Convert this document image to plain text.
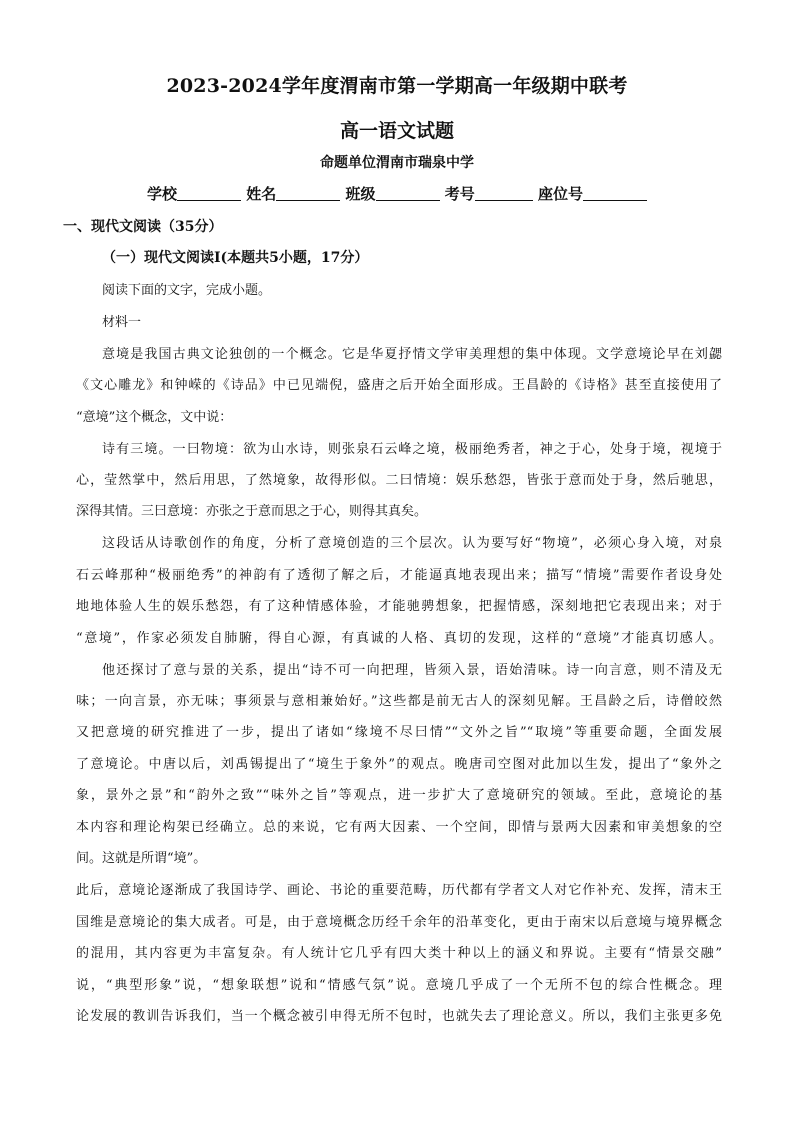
2023-2024学年度渭南市第一学期高一年级期中联考
高一语文试题
命题单位渭南市瑞泉中学
学校	姓名	班级	考号	座位号
一、现代文阅读（35分）
（一）现代文阅读Ⅰ(本题共5小题，17分）
阅读下面的文字，完成小题。
材料一
意境是我国古典文论独创的一个概念。它是华夏抒情文学审美理想的集中体现。文学意境论早在刘勰
《文心雕龙》和钟嵘的《诗品》中已见端倪，盛唐之后开始全面形成。王昌龄的《诗格》甚至直接使用了
“意境”这个概念，文中说：
诗有三境。一曰物境：欲为山水诗，则张泉石云峰之境，极丽绝秀者，神之于心，处身于境，视境于
心，莹然掌中，然后用思，了然境象，故得形似。二曰情境：娱乐愁怨，皆张于意而处于身，然后驰思，
深得其情。三曰意境：亦张之于意而思之于心，则得其真矣。
这段话从诗歌创作的角度，分析了意境创造的三个层次。认为要写好“物境”，必须心身入境，对泉
石云峰那种“极丽绝秀”的神韵有了透彻了解之后，才能逼真地表现出来；描写“情境”需要作者设身处
地地体验人生的娱乐愁怨，有了这种情感体验，才能驰骋想象，把握情感，深刻地把它表现出来；对于
“意境”，作家必须发自肺腑，得自心源，有真诚的人格、真切的发现，这样的“意境”才能真切感人。
他还探讨了意与景的关系，提出“诗不可一向把理，皆须入景，语始清味。诗一向言意，则不清及无
味；一向言景，亦无味；事须景与意相兼始好。”这些都是前无古人的深刻见解。王昌龄之后，诗僧皎然
又把意境的研究推进了一步，提出了诸如“缘境不尽曰情”“文外之旨”“取境”等重要命题，全面发展
了意境论。中唐以后，刘禹锡提出了“境生于象外”的观点。晚唐司空图对此加以生发，提出了“象外之
象，景外之景”和“韵外之致”“味外之旨”等观点，进一步扩大了意境研究的领域。至此，意境论的基
本内容和理论构架已经确立。总的来说，它有两大因素、一个空间，即情与景两大因素和审美想象的空
间。这就是所谓“境”。
此后，意境论逐渐成了我国诗学、画论、书论的重要范畴，历代都有学者文人对它作补充、发挥，清末王
国维是意境论的集大成者。可是，由于意境概念历经千余年的沿革变化，更由于南宋以后意境与境界概念
的混用，其内容更为丰富复杂。有人统计它几乎有四大类十种以上的涵义和界说。主要有“情景交融”
说，“典型形象”说，“想象联想”说和“情感气氛”说。意境几乎成了一个无所不包的综合性概念。理
论发展的教训告诉我们，当一个概念被引申得无所不包时，也就失去了理论意义。所以，我们主张更多免
